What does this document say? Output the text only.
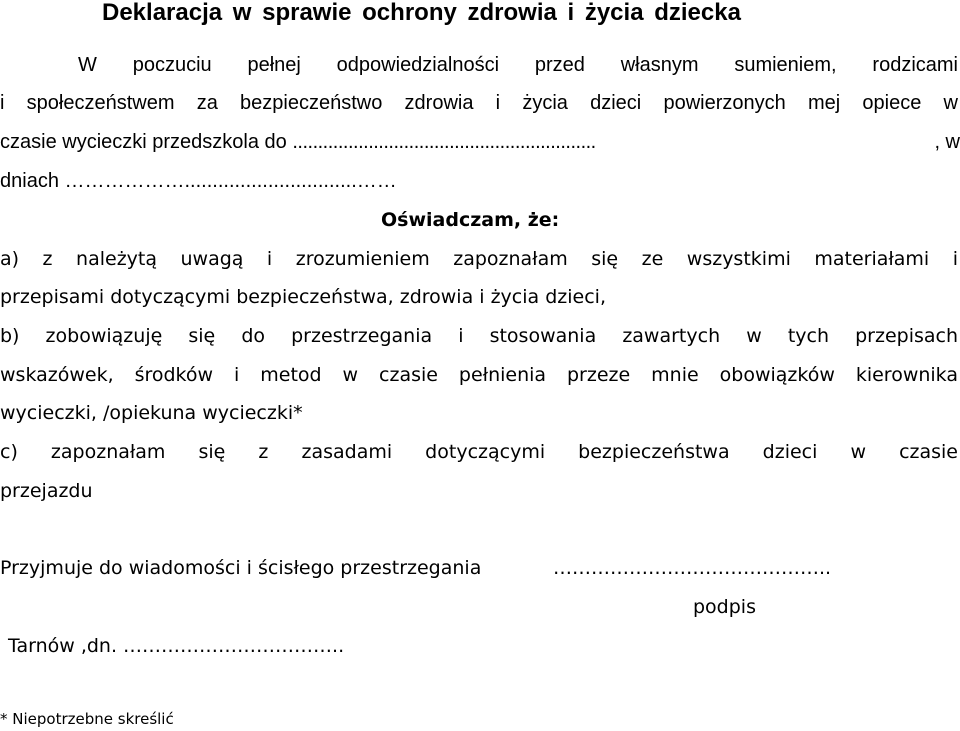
Deklaracja w sprawie ochrony zdrowia i życia dziecka
W poczuciu pełnej odpowiedzialności przed własnym sumieniem, rodzicami
i społeczeństwem za bezpieczeństwo zdrowia i życia dzieci powierzonych mej opiece w
czasie wycieczki przedszkola do ............................................................	, w
dniach ………………...............................……
Oświadczam, że:
a) z należytą uwagą i zrozumieniem zapoznałam się ze wszystkimi materiałami i
przepisami dotyczącymi bezpieczeństwa, zdrowia i życia dzieci,
b) zobowiązuję się do przestrzegania i stosowania zawartych w tych przepisach
wskazówek, środków i metod w czasie pełnienia przeze mnie obowiązków kierownika
wycieczki, /opiekuna wycieczki*
c) zapoznałam się z zasadami dotyczącymi bezpieczeństwa dzieci w czasie
przejazdu
Przyjmuje do wiadomości i ścisłego przestrzegania	……………………………………..
podpis
Tarnów ,dn. ……………………………..
* Niepotrzebne skreślić
